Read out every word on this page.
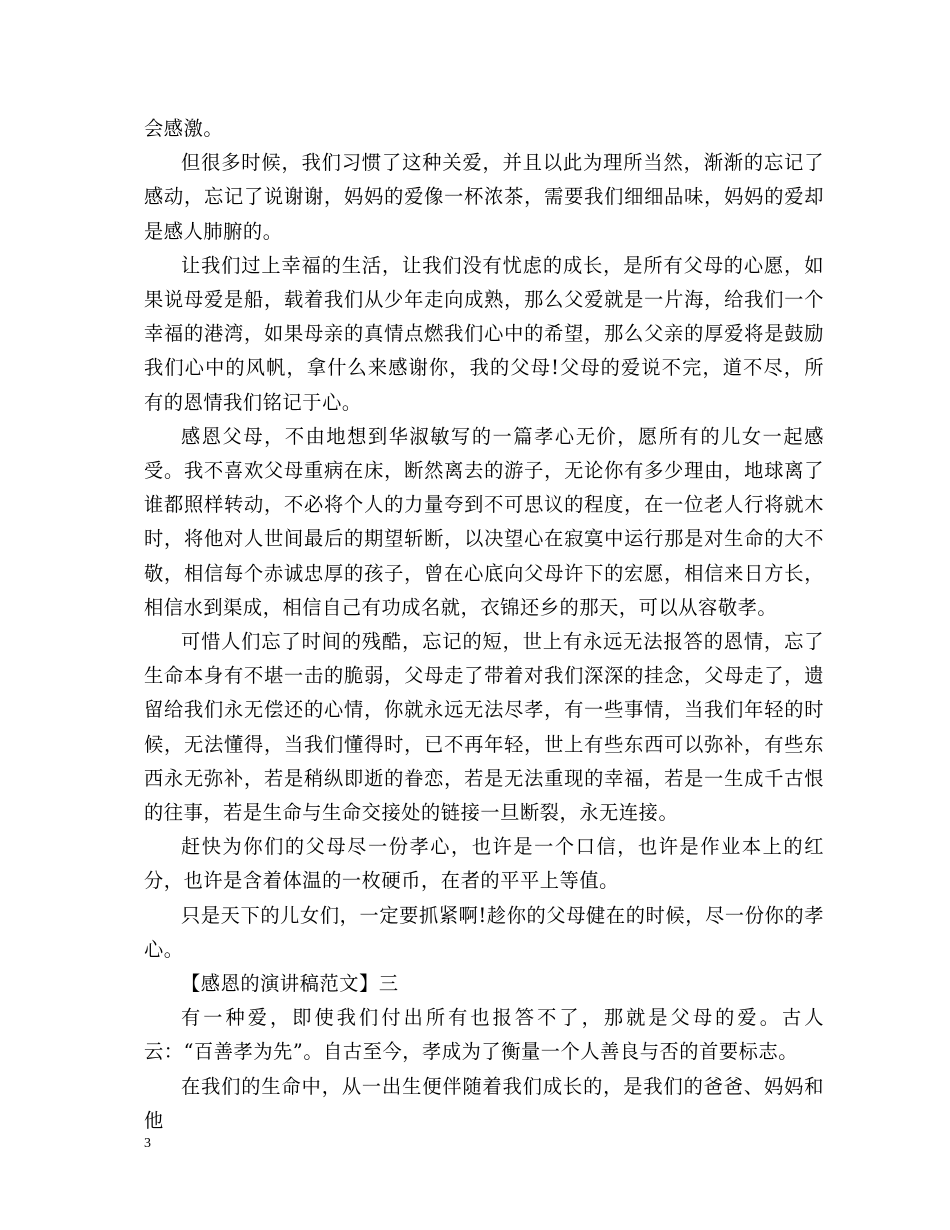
会感激。

但很多时候，我们习惯了这种关爱，并且以此为理所当然，渐渐的忘记了感动，忘记了说谢谢，妈妈的爱像一杯浓茶，需要我们细细品味，妈妈的爱却是感人肺腑的。

让我们过上幸福的生活，让我们没有忧虑的成长，是所有父母的心愿，如果说母爱是船，载着我们从少年走向成熟，那么父爱就是一片海，给我们一个幸福的港湾，如果母亲的真情点燃我们心中的希望，那么父亲的厚爱将是鼓励我们心中的风帆，拿什么来感谢你，我的父母!父母的爱说不完，道不尽，所有的恩情我们铭记于心。

感恩父母，不由地想到华淑敏写的一篇孝心无价，愿所有的儿女一起感受。我不喜欢父母重病在床，断然离去的游子，无论你有多少理由，地球离了谁都照样转动，不必将个人的力量夸到不可思议的程度，在一位老人行将就木时，将他对人世间最后的期望斩断，以决望心在寂寞中运行那是对生命的大不敬，相信每个赤诚忠厚的孩子，曾在心底向父母许下的宏愿，相信来日方长，相信水到渠成，相信自己有功成名就，衣锦还乡的那天，可以从容敬孝。

可惜人们忘了时间的残酷，忘记的短，世上有永远无法报答的恩情，忘了生命本身有不堪一击的脆弱，父母走了带着对我们深深的挂念，父母走了，遗留给我们永无偿还的心情，你就永远无法尽孝，有一些事情，当我们年轻的时候，无法懂得，当我们懂得时，已不再年轻，世上有些东西可以弥补，有些东西永无弥补，若是稍纵即逝的眷恋，若是无法重现的幸福，若是一生成千古恨的往事，若是生命与生命交接处的链接一旦断裂，永无连接。

赶快为你们的父母尽一份孝心，也许是一个口信，也许是作业本上的红分，也许是含着体温的一枚硬币，在者的平平上等值。

只是天下的儿女们，一定要抓紧啊!趁你的父母健在的时候，尽一份你的孝心。

【感恩的演讲稿范文】三

有一种爱，即使我们付出所有也报答不了，那就是父母的爱。古人云：“百善孝为先”。自古至今，孝成为了衡量一个人善良与否的首要标志。

在我们的生命中，从一出生便伴随着我们成长的，是我们的爸爸、妈妈和他

3
